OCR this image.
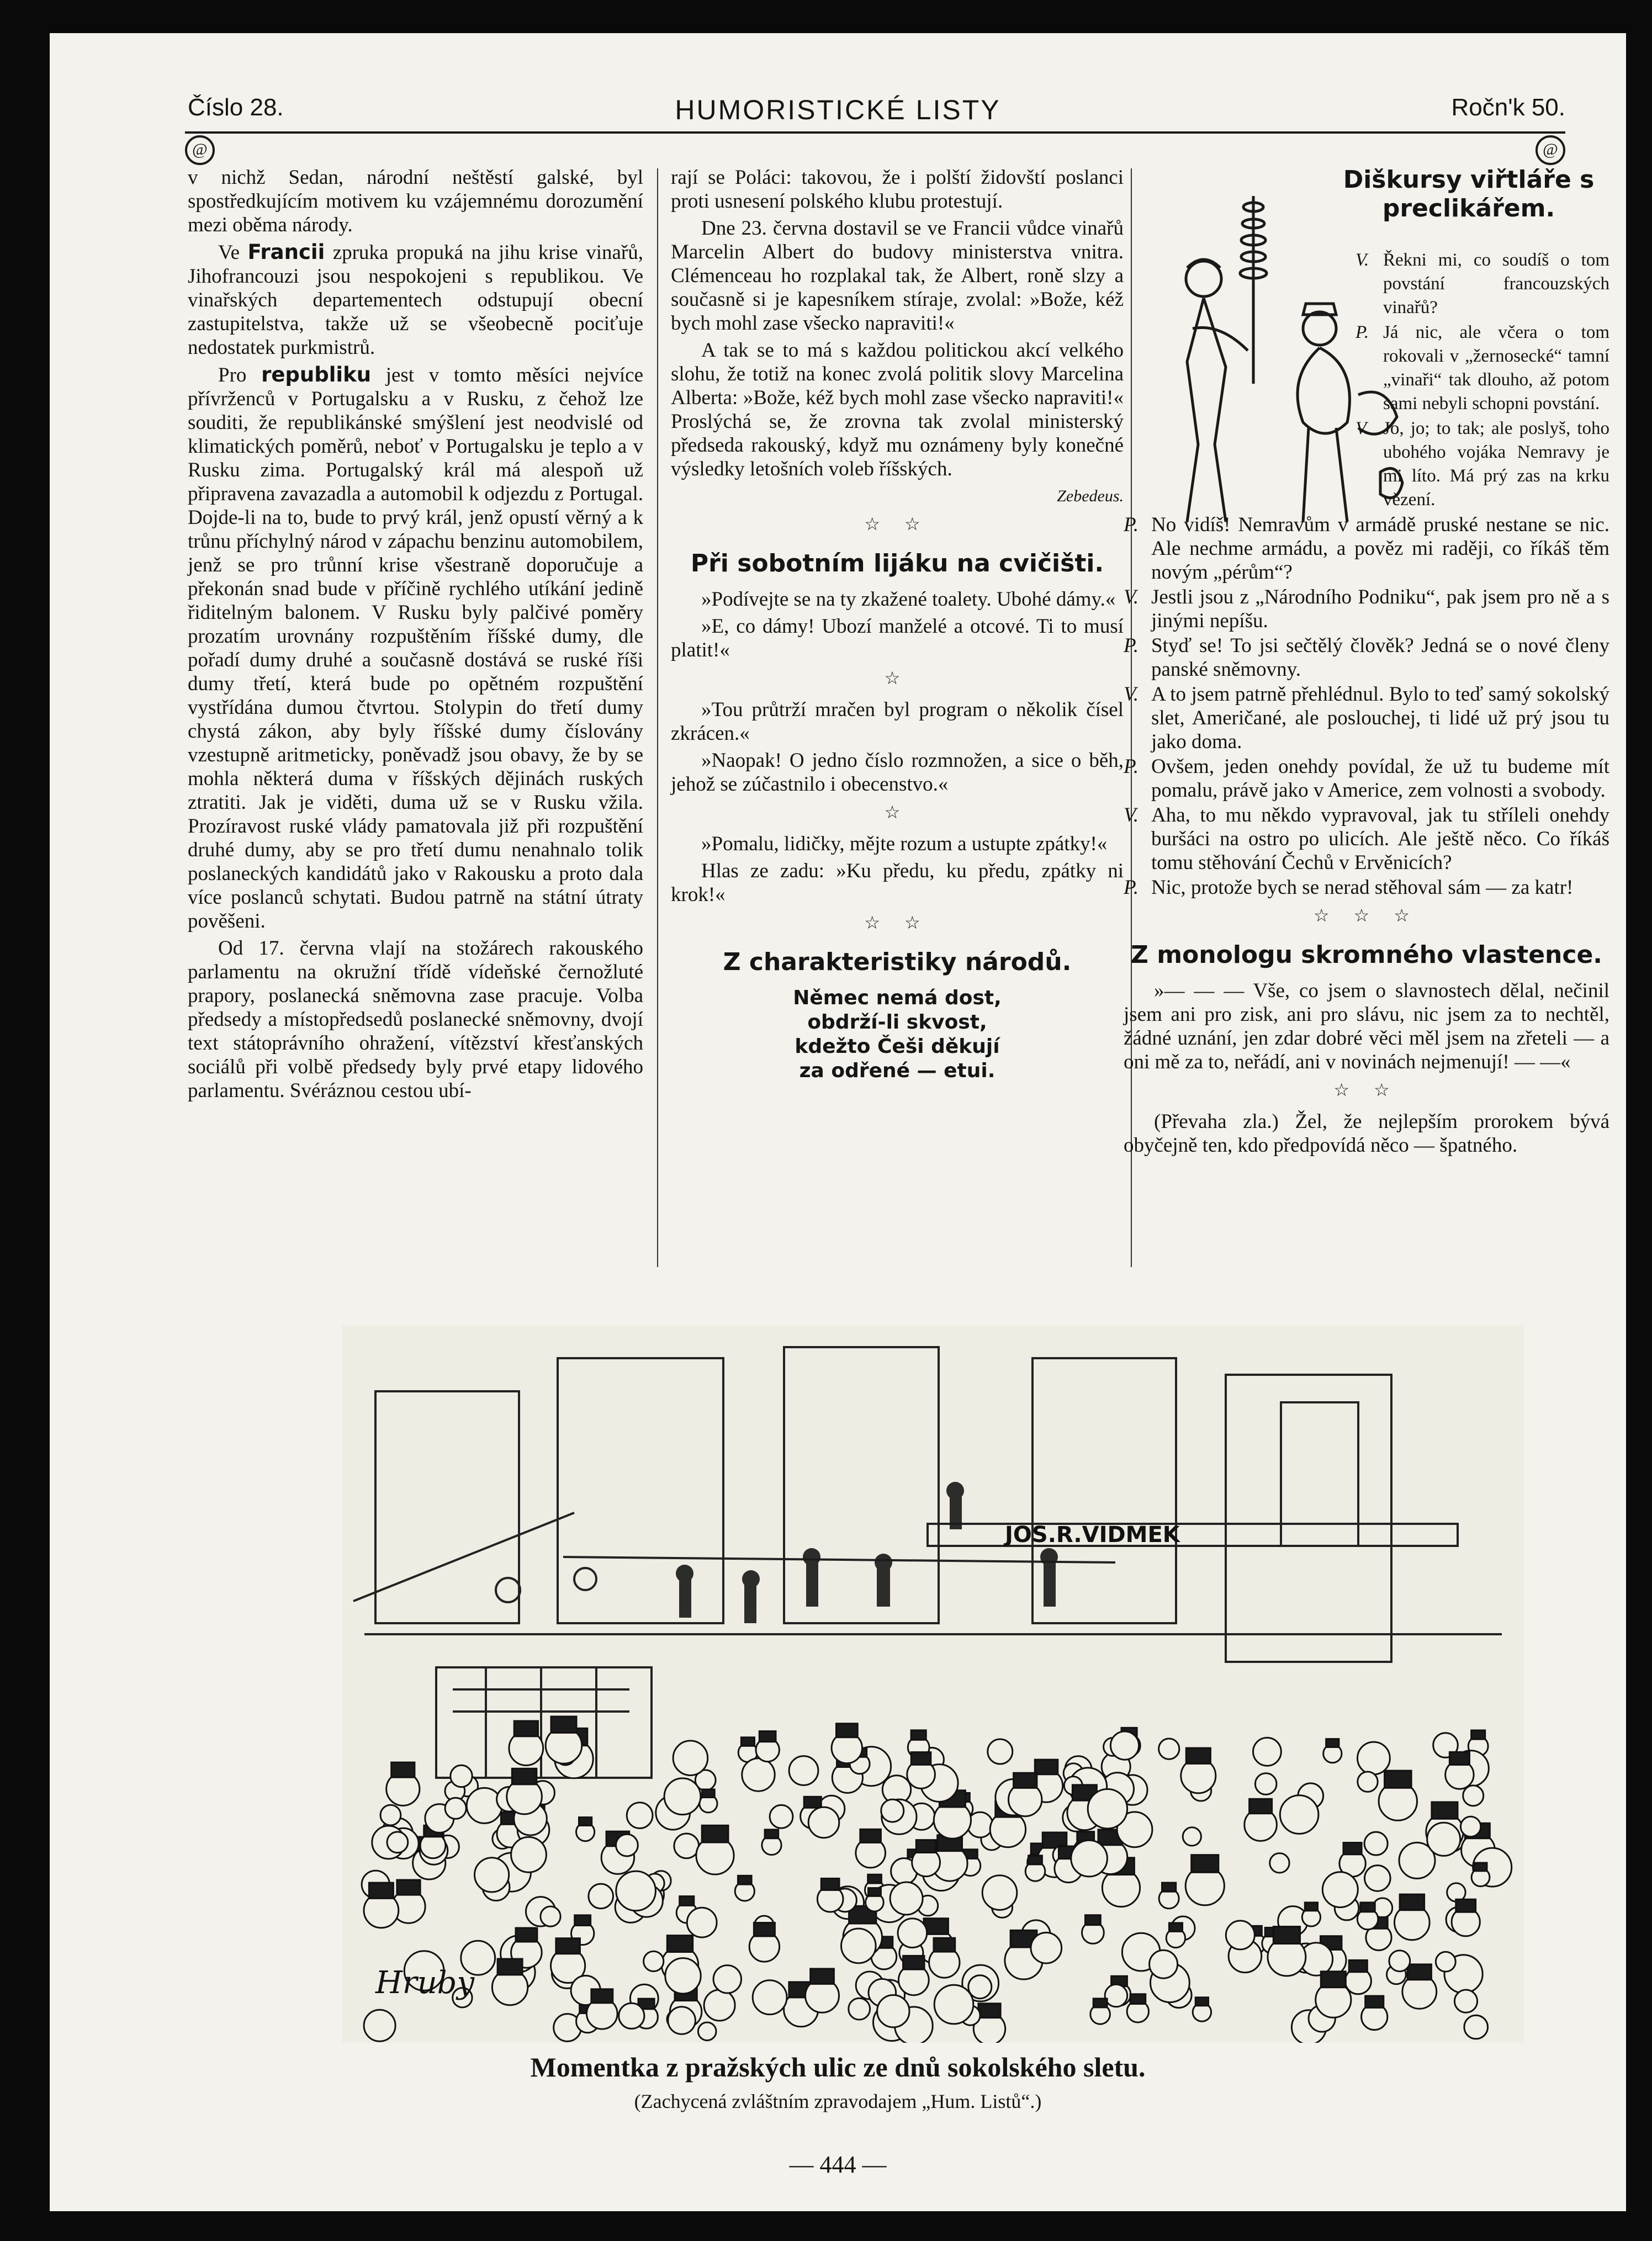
Číslo 28.	HUMORISTICKÉ LISTY	Ročn'k 50.
@	@

v nichž Sedan, národní neštěstí galské, byl spostředkujícím motivem ku vzájemnému dorozumění mezi oběma národy.

Ve Francii zpruka propuká na jihu krise vinařů, Jihofrancouzi jsou nespokojeni s republikou. Ve vinařských departementech odstupují obecní zastupitelstva, takže už se všeobecně pociťuje nedostatek purkmistrů.

Pro republiku jest v tomto měsíci nejvíce přívrženců v Portugalsku a v Rusku, z čehož lze souditi, že republikánské smýšlení jest neodvislé od klimatických poměrů, neboť v Portugalsku je teplo a v Rusku zima. Portugalský král má alespoň už připravena zavazadla a automobil k odjezdu z Portugal. Dojde-li na to, bude to prvý král, jenž opustí věrný a k trůnu příchylný národ v zápachu benzinu automobilem, jenž se pro trůnní krise všestraně doporučuje a překonán snad bude v příčině rychlého utíkání jedině řiditelným balonem. V Rusku byly palčivé poměry prozatím urovnány rozpuštěním říšské dumy, dle pořadí dumy druhé a současně dostává se ruské říši dumy třetí, která bude po opětném rozpuštění vystřídána dumou čtvrtou. Stolypin do třetí dumy chystá zákon, aby byly říšské dumy číslovány vzestupně aritmeticky, poněvadž jsou obavy, že by se mohla některá duma v říšských dějinách ruských ztratiti. Jak je viděti, duma už se v Rusku vžila. Prozíravost ruské vlády pamatovala již při rozpuštění druhé dumy, aby se pro třetí dumu nenahnalo tolik poslaneckých kandidátů jako v Rakousku a proto dala více poslanců schytati. Budou patrně na státní útraty pověšeni.

Od 17. června vlají na stožárech rakouského parlamentu na okružní třídě vídeňské černožluté prapory, poslanecká sněmovna zase pracuje. Volba předsedy a místopředsedů poslanecké sněmovny, dvojí text státoprávního ohražení, vítězství křesťanských sociálů při volbě předsedy byly prvé etapy lidového parlamentu. Svéráznou cestou ubí-

rají se Poláci: takovou, že i polští židovští poslanci proti usnesení polského klubu protestují.

Dne 23. června dostavil se ve Francii vůdce vinařů Marcelin Albert do budovy ministerstva vnitra. Clémenceau ho rozplakal tak, že Albert, roně slzy a současně si je kapesníkem stíraje, zvolal: »Bože, kéž bych mohl zase všecko napraviti!«

A tak se to má s každou politickou akcí velkého slohu, že totiž na konec zvolá politik slovy Marcelina Alberta: »Bože, kéž bych mohl zase všecko napraviti!« Proslýchá se, že zrovna tak zvolal ministerský předseda rakouský, když mu oznámeny byly konečné výsledky letošních voleb říšských.

Zebedeus.
☆ ☆
Při sobotním lijáku na cvičišti.

»Podívejte se na ty zkažené toalety. Ubohé dámy.«

»E, co dámy! Ubozí manželé a otcové. Ti to musí platit!«

☆

»Tou průtrží mračen byl program o několik čísel zkrácen.«

»Naopak! O jedno číslo rozmnožen, a sice o běh, jehož se zúčastnilo i obecenstvo.«

☆

»Pomalu, lidičky, mějte rozum a ustupte zpátky!«

Hlas ze zadu: »Ku předu, ku předu, zpátky ni krok!«

☆ ☆
Z charakteristiky národů.
Němec nemá dost,
obdrží-li skvost,
kdežto Češi děkují
za odřené — etui.
Diškursy viřtláře s preclikářem.
V. Řekni mi, co soudíš o tom povstání francouzských vinařů?
P. Já nic, ale včera o tom rokovali v „žernosecké“ tamní „vinaři“ tak dlouho, až potom sami nebyli schopni povstání.
V. Jo, jo; to tak; ale poslyš, toho ubohého vojáka Nemravy je mi líto. Má prý zas na krku vězení.
P. No vidíš! Nemravům v armádě pruské nestane se nic. Ale nechme armádu, a pověz mi raději, co říkáš těm novým „pérům“?
V. Jestli jsou z „Národního Podniku“, pak jsem pro ně a s jinými nepíšu.
P. Styď se! To jsi sečtělý člověk? Jedná se o nové členy panské sněmovny.
V. A to jsem patrně přehlédnul. Bylo to teď samý sokolský slet, Američané, ale poslouchej, ti lidé už prý jsou tu jako doma.
P. Ovšem, jeden onehdy povídal, že už tu budeme mít pomalu, právě jako v Americe, zem volnosti a svobody.
V. Aha, to mu někdo vypravoval, jak tu stříleli onehdy buršáci na ostro po ulicích. Ale ještě něco. Co říkáš tomu stěhování Čechů v Ervěnicích?
P. Nic, protože bych se nerad stěhoval sám — za katr!
☆ ☆ ☆
Z monologu skromného vlastence.

»— — — Vše, co jsem o slavnostech dělal, nečinil jsem ani pro zisk, ani pro slávu, nic jsem za to nechtěl, žádné uznání, jen zdar dobré věci měl jsem na zřeteli — a oni mě za to, neřádí, ani v novinách nejmenují! — —«

☆ ☆

(Převaha zla.) Žel, že nejlepším prorokem bývá obyčejně ten, kdo předpovídá něco — špatného.

JOS.R.VIDMEK
Hruby
Momentka z pražských ulic ze dnů sokolského sletu.
(Zachycená zvláštním zpravodajem „Hum. Listů“.)
— 444 —
